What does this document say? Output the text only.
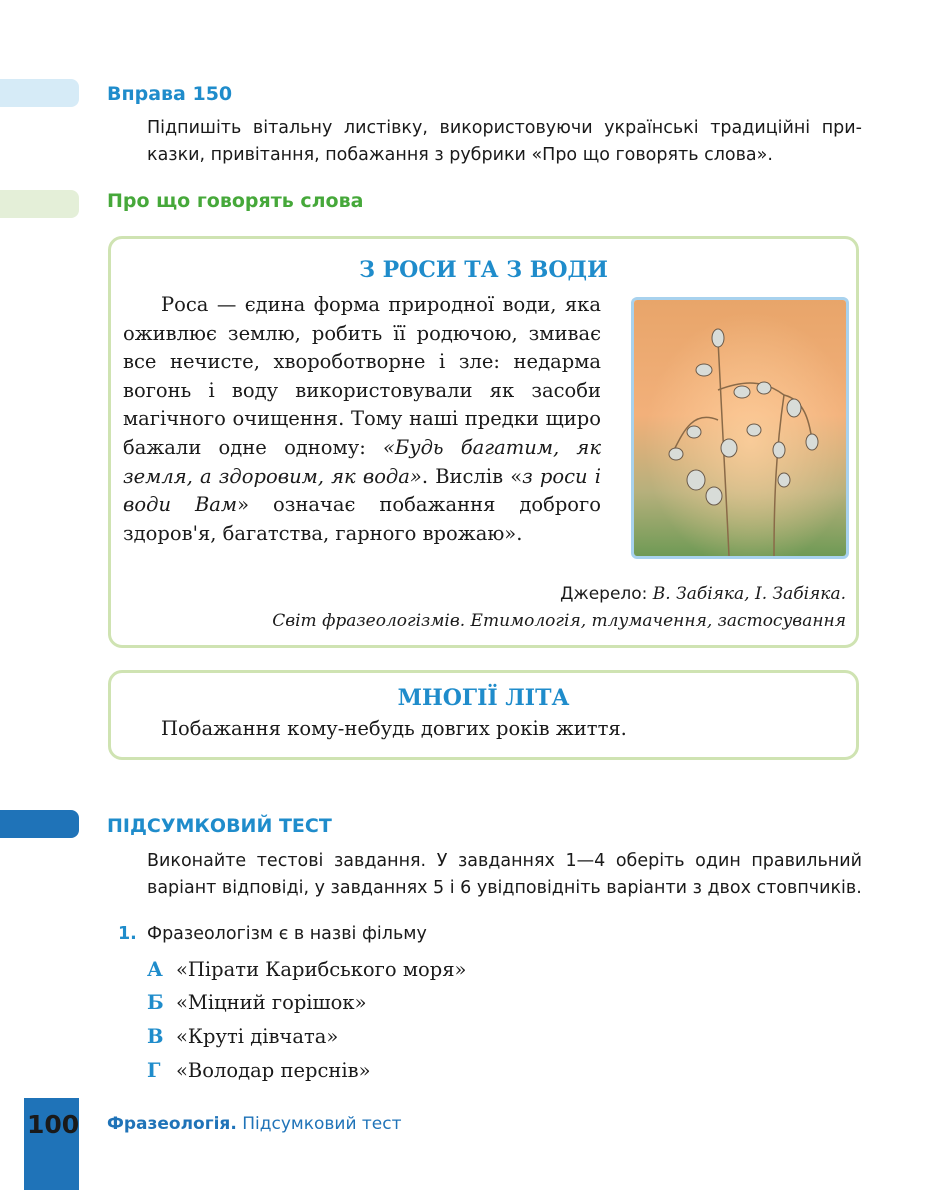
Вправа 150
Підпишіть вітальну листівку, використовуючи українські традиційні приказки, привітання, побажання з рубрики «Про що говорять слова».
Про що говорять слова
З РОСИ ТА З ВОДИ

Роса — єдина форма природної води, яка оживлює землю, робить її родючою, змиває все нечисте, хвороботворне і зле: недарма вогонь і воду використовували як засоби магічного очищення. Тому наші предки щиро бажали одне одному: «Будь багатим, як земля, а здоровим, як вода». Вислів «з роси і води Вам» означає побажання доброго здоров'я, багатства, гарного врожаю».

Джерело: В. Забіяка, І. Забіяка.
Світ фразеологізмів. Етимологія, тлумачення, застосування
МНОГІЇ ЛІТА
Побажання кому-небудь довгих років життя.
ПІДСУМКОВИЙ ТЕСТ
Виконайте тестові завдання. У завданнях 1—4 оберіть один правильний варіант відповіді, у завданнях 5 і 6 увідповідніть варіанти з двох стовпчиків.
1. Фразеологізм є в назві фільму
А «Пірати Карибського моря»
Б «Міцний горішок»
В «Круті дівчата»
Г «Володар перснів»
100 Фразеологія. Підсумковий тест
